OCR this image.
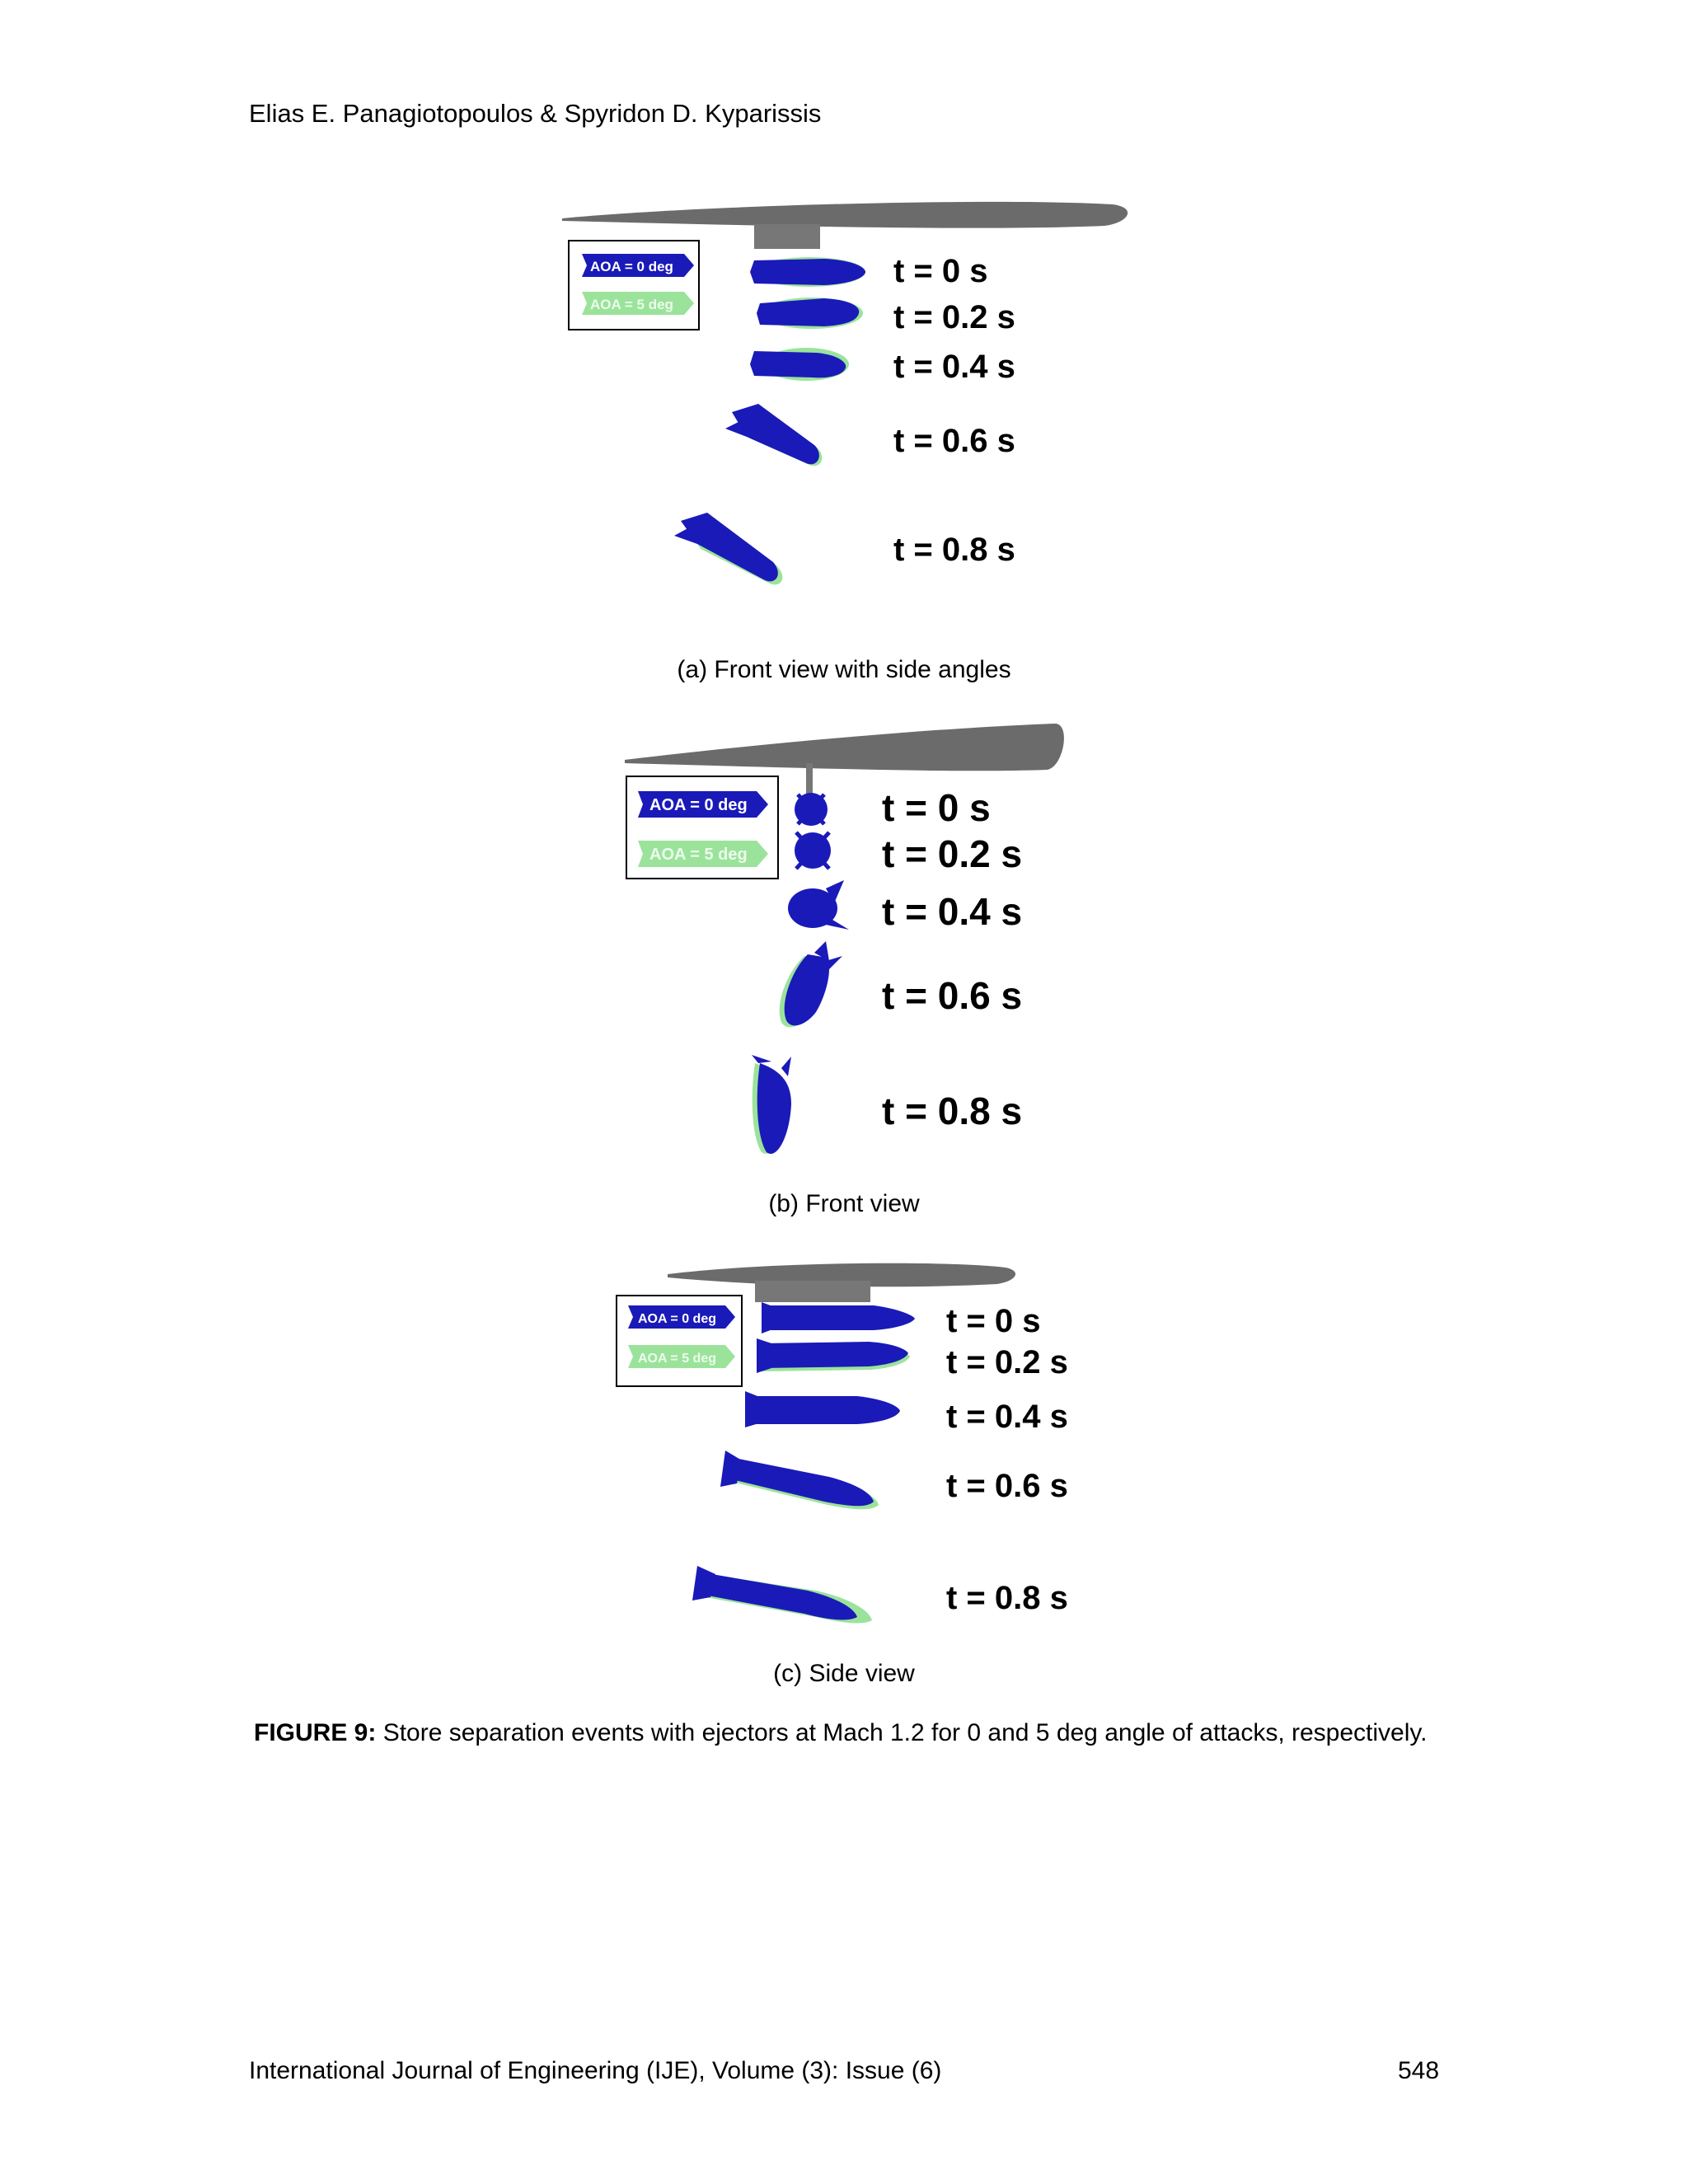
Elias E. Panagiotopoulos & Spyridon D. Kyparissis
AOA = 0 deg
AOA = 5 deg
t = 0 s
t = 0.2 s
t = 0.4 s
t = 0.6 s
t = 0.8 s
(a) Front view with side angles
AOA = 0 deg
AOA = 5 deg
t = 0 s
t = 0.2 s
t = 0.4 s
t = 0.6 s
t = 0.8 s
(b) Front view
AOA = 0 deg
AOA = 5 deg
t = 0 s
t = 0.2 s
t = 0.4 s
t = 0.6 s
t = 0.8 s
(c) Side view
FIGURE 9: Store separation events with ejectors at Mach 1.2 for 0 and 5 deg angle of attacks, respectively.
International Journal of Engineering (IJE), Volume (3): Issue (6)	548
